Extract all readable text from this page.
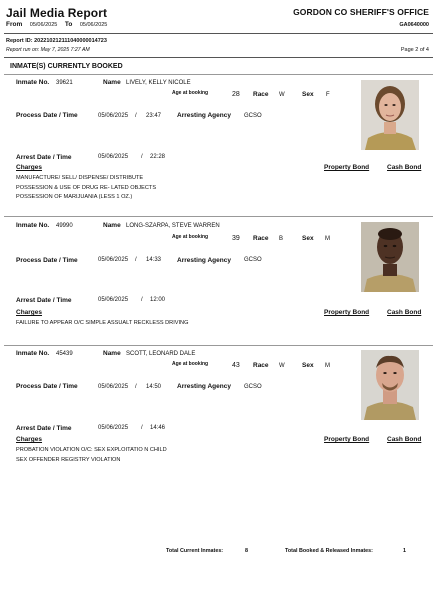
Jail Media Report
From 05/06/2025 To 05/06/2025
GORDON CO SHERIFF'S OFFICE
GA0640000
Report ID: 202210212111040000014723
Report run on: May 7, 2025 7:27 AM	Page 2 of 4
INMATE(S) CURRENTLY BOOKED
Inmate No. 39621	Name LIVELY, KELLY NICOLE
Age at booking	28 Race W	Sex F
Process Date / Time	05/06/2025 / 23:47 Arresting Agency GCSO
Arrest Date / Time	05/06/2025 / 22:28
Charges	Property Bond	Cash Bond
MANUFACTURE/ SELL/ DISPENSE/ DISTRIBUTE
POSSESSION & USE OF DRUG RE- LATED OBJECTS
POSSESSION OF MARIJUANIA (LESS 1 OZ.)
Inmate No. 49990	Name LONG-SZARPA, STEVE WARREN
Age at booking	39 Race B	Sex M
Process Date / Time	05/06/2025 / 14:33 Arresting Agency GCSO
Arrest Date / Time	05/06/2025 / 12:00
Charges	Property Bond	Cash Bond
FAILURE TO APPEAR O/C SIMPLE ASSUALT RECKLESS DRIVING
Inmate No. 45439	Name SCOTT, LEONARD DALE
Age at booking	43 Race W	Sex M
Process Date / Time	05/06/2025 / 14:50 Arresting Agency GCSO
Arrest Date / Time	05/06/2025 / 14:46
Charges	Property Bond	Cash Bond
PROBATION VIOLATION O/C: SEX EXPLOITATIO N CHILD
SEX OFFENDER REGISTRY VIOLATION
Total Current Inmates:	8	Total Booked & Released Inmates:	1
